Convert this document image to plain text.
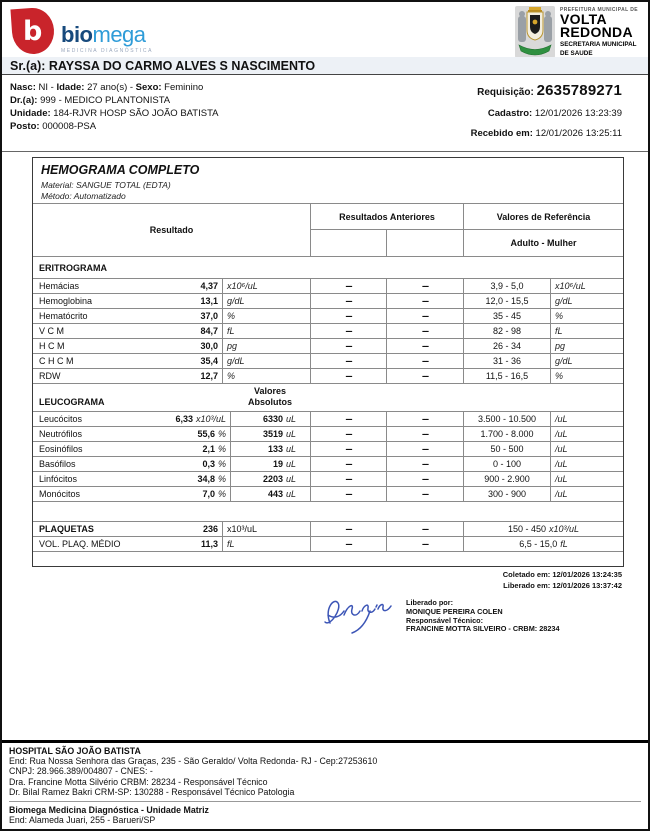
b biomega
MEDICINA DIAGNÓSTICA
PREFEITURA MUNICIPAL DE
VOLTA
REDONDA
SECRETARIA MUNICIPAL
DE SAUDE
Sr.(a): RAYSSA DO CARMO ALVES S NASCIMENTO
Nasc: NI - Idade: 27 ano(s) - Sexo: Feminino
Dr.(a): 999 - MEDICO PLANTONISTA
Unidade: 184-RJVR HOSP SÃO JOÃO BATISTA
Posto: 000008-PSA
Requisição: 2635789271
Cadastro: 12/01/2026 13:23:39
Recebido em: 12/01/2026 13:25:11
HEMOGRAMA COMPLETO
Material: SANGUE TOTAL (EDTA)
Método: Automatizado
Resultado
Resultados Anteriores	Valores de Referência
Adulto - Mulher
ERITROGRAMA
Hemácias	4,37	x10⁶/uL	---	---	3,9 - 5,0	x10⁶/uL
Hemoglobina	13,1	g/dL	---	---	12,0 - 15,5	g/dL
Hematócrito	37,0	%	---	---	35 - 45	%
V C M	84,7	fL	---	---	82 - 98	fL
H C M	30,0	pg	---	---	26 - 34	pg
C H C M	35,4	g/dL	---	---	31 - 36	g/dL
RDW	12,7	%	---	---	11,5 - 16,5	%
LEUCOGRAMA
Valores
Absolutos
Leucócitos	6,33 x10³/uL	6330 uL	---	---	3.500 - 10.500	/uL
Neutrófilos	55,6 %	3519 uL	---	---	1.700 - 8.000	/uL
Eosinófilos	2,1 %	133 uL	---	---	50 - 500	/uL
Basófilos	0,3 %	19 uL	---	---	0 - 100	/uL
Linfócitos	34,8 %	2203 uL	---	---	900 - 2.900	/uL
Monócitos	7,0 %	443 uL	---	---	300 - 900	/uL
PLAQUETAS	236	x10³/uL	---	---	150 - 450 x10³/uL
VOL. PLAQ. MÉDIO	11,3	fL	---	---	6,5 - 15,0 fL
Coletado em: 12/01/2026 13:24:35
Liberado em: 12/01/2026 13:37:42
Liberado por:
MONIQUE PEREIRA COLEN
Responsável Técnico:
FRANCINE MOTTA SILVEIRO - CRBM: 28234
HOSPITAL SÃO JOÃO BATISTA
End: Rua Nossa Senhora das Graças, 235 - São Geraldo/ Volta Redonda- RJ - Cep:27253610
CNPJ: 28.966.389/004807 - CNES: -
Dra. Francine Motta Silvério CRBM: 28234 - Responsável Técnico
Dr. Bilal Ramez Bakri CRM-SP: 130288 - Responsável Técnico Patologia
Biomega Medicina Diagnóstica - Unidade Matriz
End: Alameda Juari, 255 - Barueri/SP
